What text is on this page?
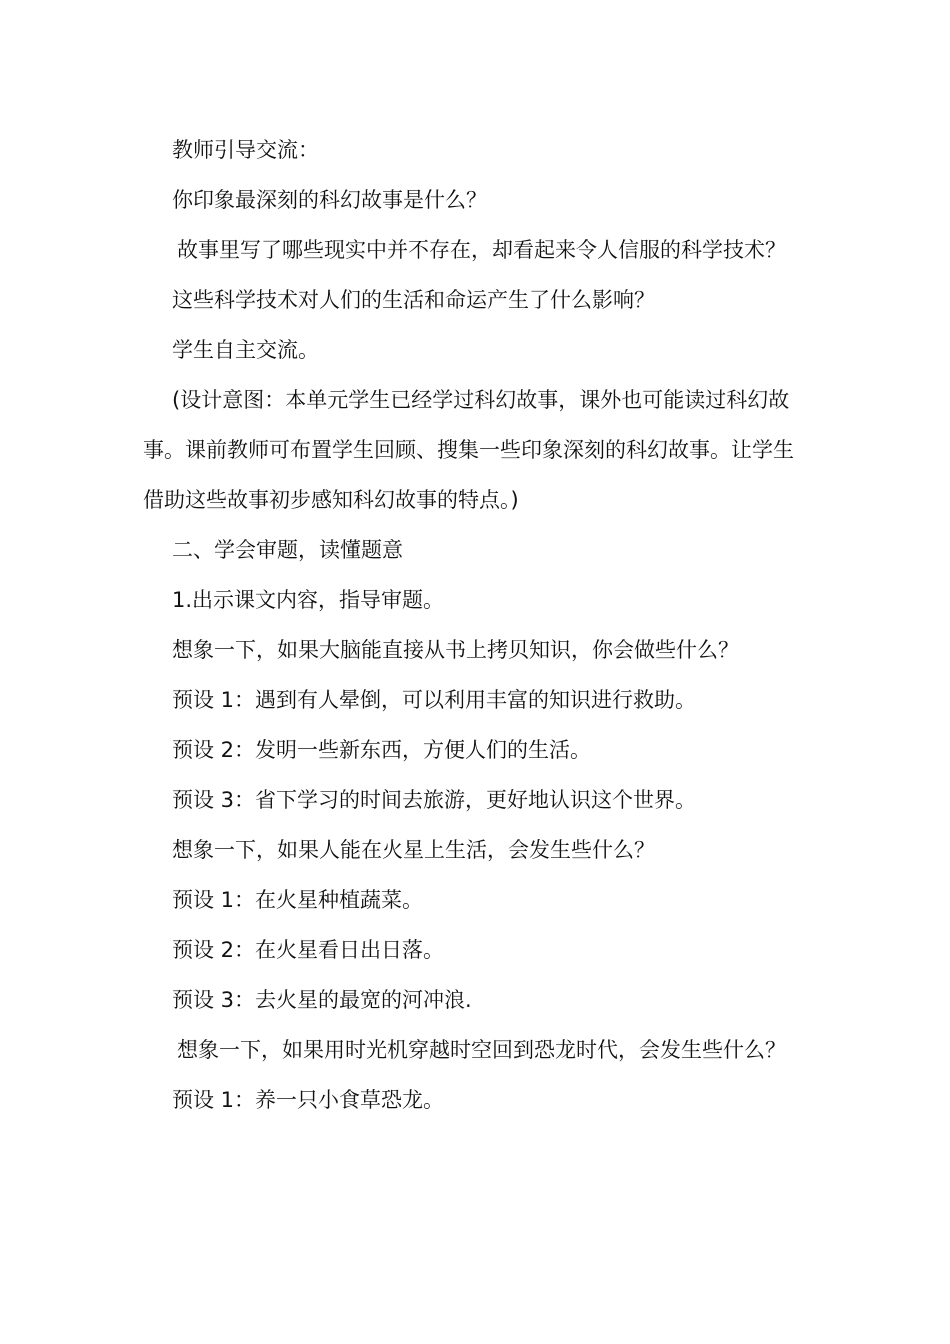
教师引导交流：

你印象最深刻的科幻故事是什么？

故事里写了哪些现实中并不存在，却看起来令人信服的科学技术？

这些科学技术对人们的生活和命运产生了什么影响？

学生自主交流。

(设计意图：本单元学生已经学过科幻故事，课外也可能读过科幻故事。课前教师可布置学生回顾、搜集一些印象深刻的科幻故事。让学生借助这些故事初步感知科幻故事的特点。)

二、学会审题，读懂题意

1.出示课文内容，指导审题。

想象一下，如果大脑能直接从书上拷贝知识，你会做些什么？

预设 1：遇到有人晕倒，可以利用丰富的知识进行救助。

预设 2：发明一些新东西，方便人们的生活。

预设 3：省下学习的时间去旅游，更好地认识这个世界。

想象一下，如果人能在火星上生活，会发生些什么？

预设 1：在火星种植蔬菜。

预设 2：在火星看日出日落。

预设 3：去火星的最宽的河冲浪.

想象一下，如果用时光机穿越时空回到恐龙时代，会发生些什么？

预设 1：养一只小食草恐龙。
